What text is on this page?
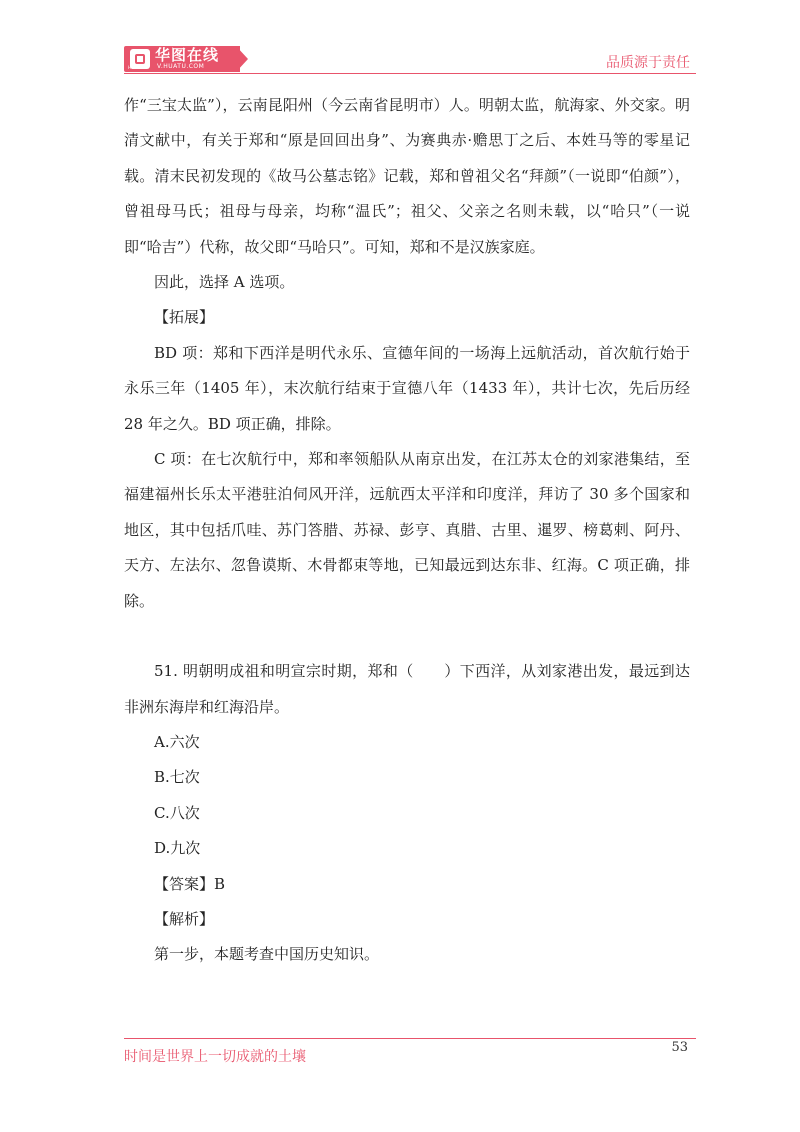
华图在线
V.HUATU.COM
HUATU	品质源于责任

作“三宝太监”），云南昆阳州（今云南省昆明市）人。明朝太监，航海家、外交家。明清文献中，有关于郑和“原是回回出身”、为赛典赤·赡思丁之后、本姓马等的零星记载。清末民初发现的《故马公墓志铭》记载，郑和曾祖父名“拜颜”（一说即“伯颜”），曾祖母马氏；祖母与母亲，均称“温氏”；祖父、父亲之名则未载，以“哈只”（一说即“哈吉”）代称，故父即“马哈只”。可知，郑和不是汉族家庭。

因此，选择 A 选项。

【拓展】

BD 项：郑和下西洋是明代永乐、宣德年间的一场海上远航活动，首次航行始于永乐三年（1405 年），末次航行结束于宣德八年（1433 年），共计七次，先后历经 28 年之久。BD 项正确，排除。

C 项：在七次航行中，郑和率领船队从南京出发，在江苏太仓的刘家港集结，至福建福州长乐太平港驻泊伺风开洋，远航西太平洋和印度洋，拜访了 30 多个国家和地区，其中包括爪哇、苏门答腊、苏禄、彭亨、真腊、古里、暹罗、榜葛剌、阿丹、天方、左法尔、忽鲁谟斯、木骨都束等地，已知最远到达东非、红海。C 项正确，排除。

51. 明朝明成祖和明宣宗时期，郑和（　　）下西洋，从刘家港出发，最远到达非洲东海岸和红海沿岸。

A.六次

B.七次

C.八次

D.九次

【答案】B

【解析】

第一步，本题考查中国历史知识。

时间是世界上一切成就的土壤
53
